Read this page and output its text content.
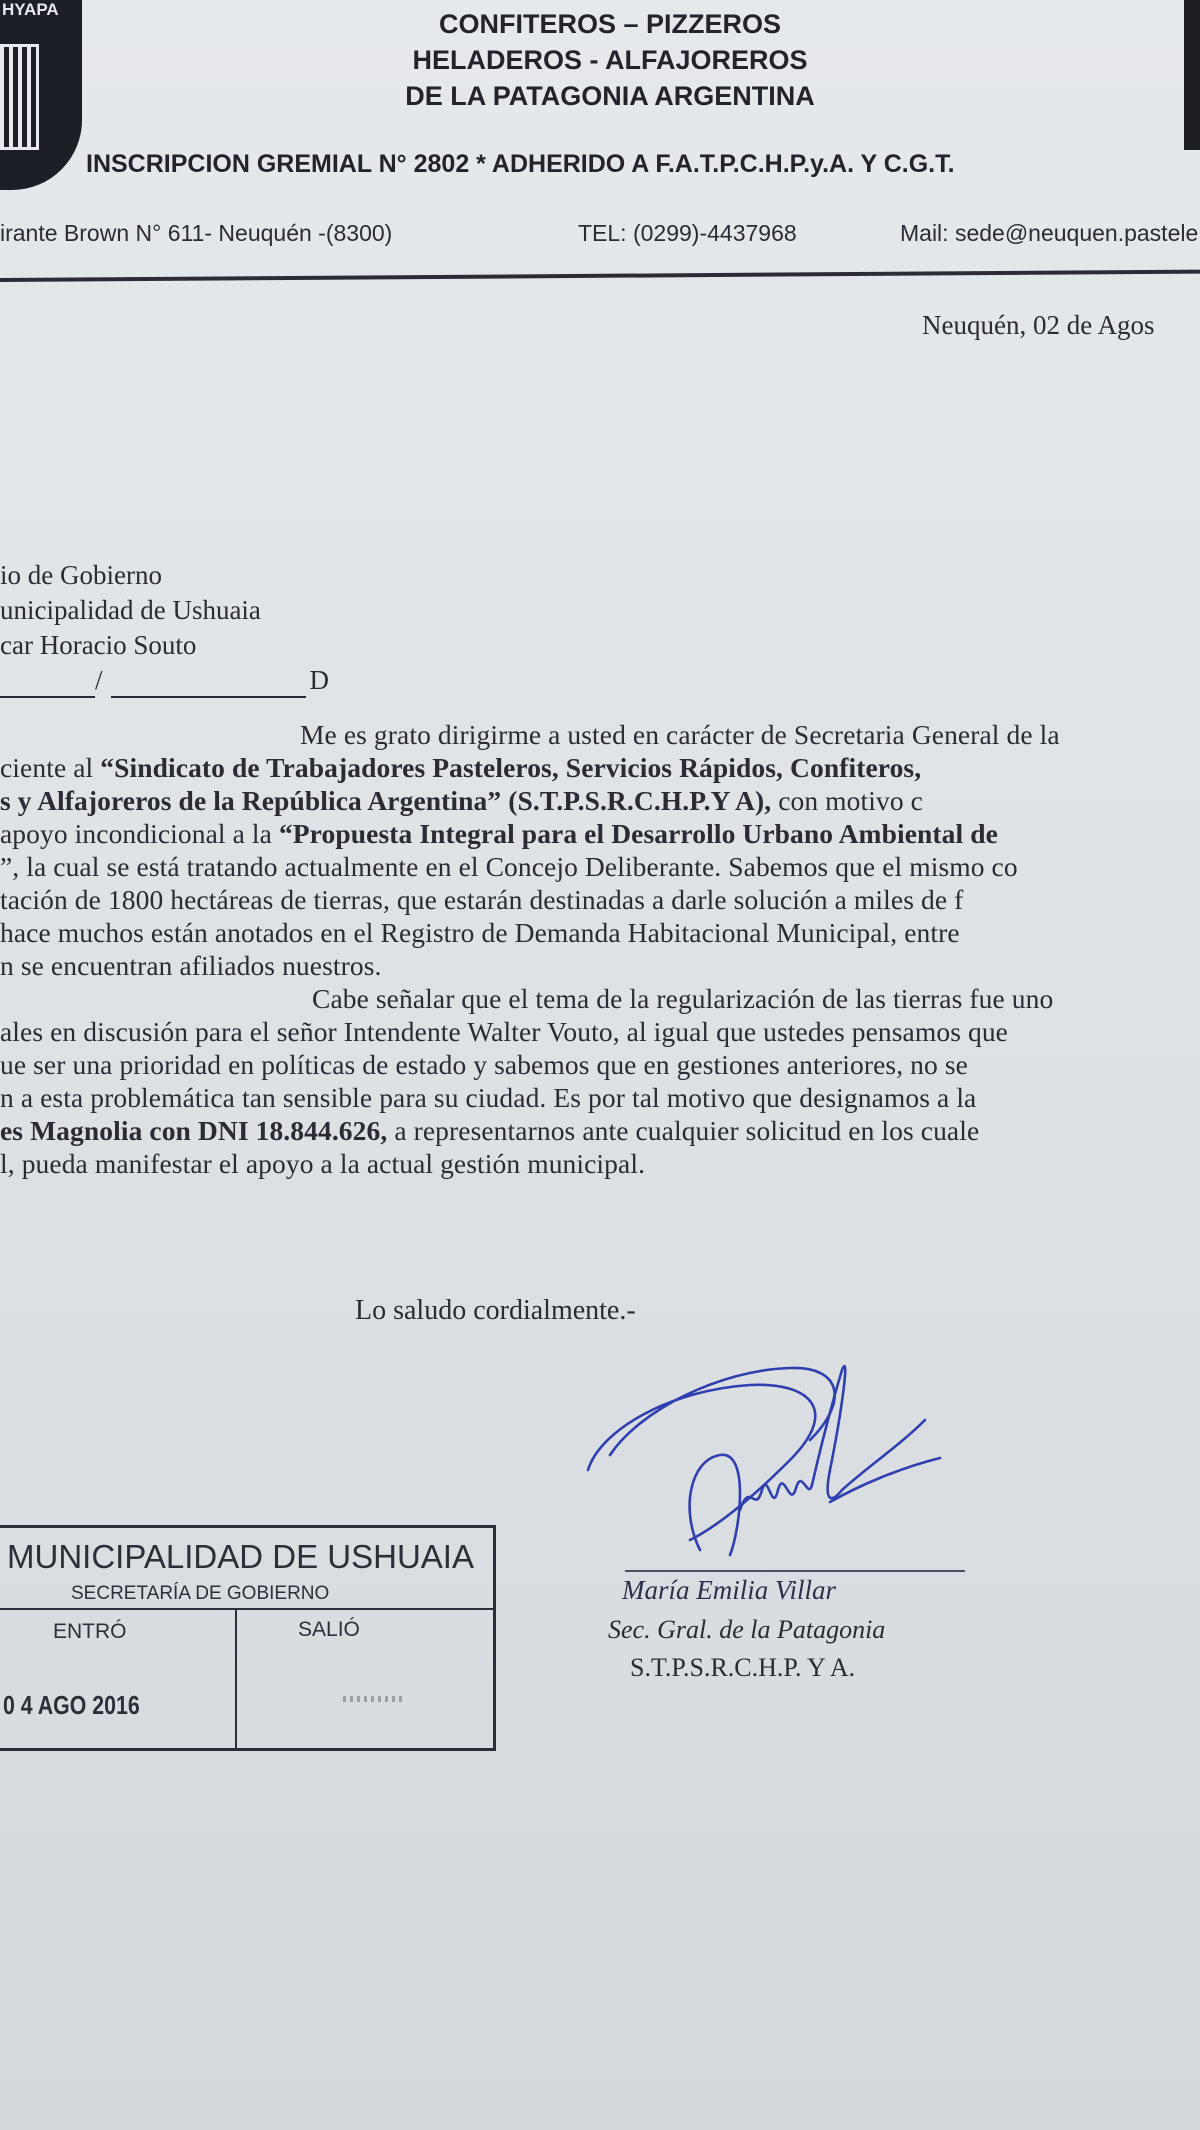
HYAPA	CONFITEROS – PIZZEROS
HELADEROS - ALFAJOREROS
DE LA PATAGONIA ARGENTINA
INSCRIPCION GREMIAL N° 2802 * ADHERIDO A F.A.T.P.C.H.P.y.A. Y C.G.T.
irante Brown N° 611- Neuquén -(8300)	TEL: (0299)-4437968	Mail: sede@neuquen.pastele
Neuquén, 02 de Agos
io de Gobierno
unicipalidad de Ushuaia
car Horacio Souto
/	D
Me es grato dirigirme a usted en carácter de Secretaria General de la
ciente al “Sindicato de Trabajadores Pasteleros, Servicios Rápidos, Confiteros,
s y Alfajoreros de la República Argentina” (S.T.P.S.R.C.H.P.Y A), con motivo c
apoyo incondicional a la “Propuesta Integral para el Desarrollo Urbano Ambiental de
”, la cual se está tratando actualmente en el Concejo Deliberante. Sabemos que el mismo co
tación de 1800 hectáreas de tierras, que estarán destinadas a darle solución a miles de f
hace muchos están anotados en el Registro de Demanda Habitacional Municipal, entre
n se encuentran afiliados nuestros.
Cabe señalar que el tema de la regularización de las tierras fue uno
ales en discusión para el señor Intendente Walter Vouto, al igual que ustedes pensamos que
ue ser una prioridad en políticas de estado y sabemos que en gestiones anteriores, no se
n a esta problemática tan sensible para su ciudad. Es por tal motivo que designamos a la
es Magnolia con DNI 18.844.626, a representarnos ante cualquier solicitud en los cuale
l, pueda manifestar el apoyo a la actual gestión municipal.
Lo saludo cordialmente.-
María Emilia Villar
Sec. Gral. de la Patagonia
S.T.P.S.R.C.H.P. Y A.
MUNICIPALIDAD DE USHUAIA
SECRETARÍA DE GOBIERNO
ENTRÓ	SALIÓ
0 4 AGO 2016
